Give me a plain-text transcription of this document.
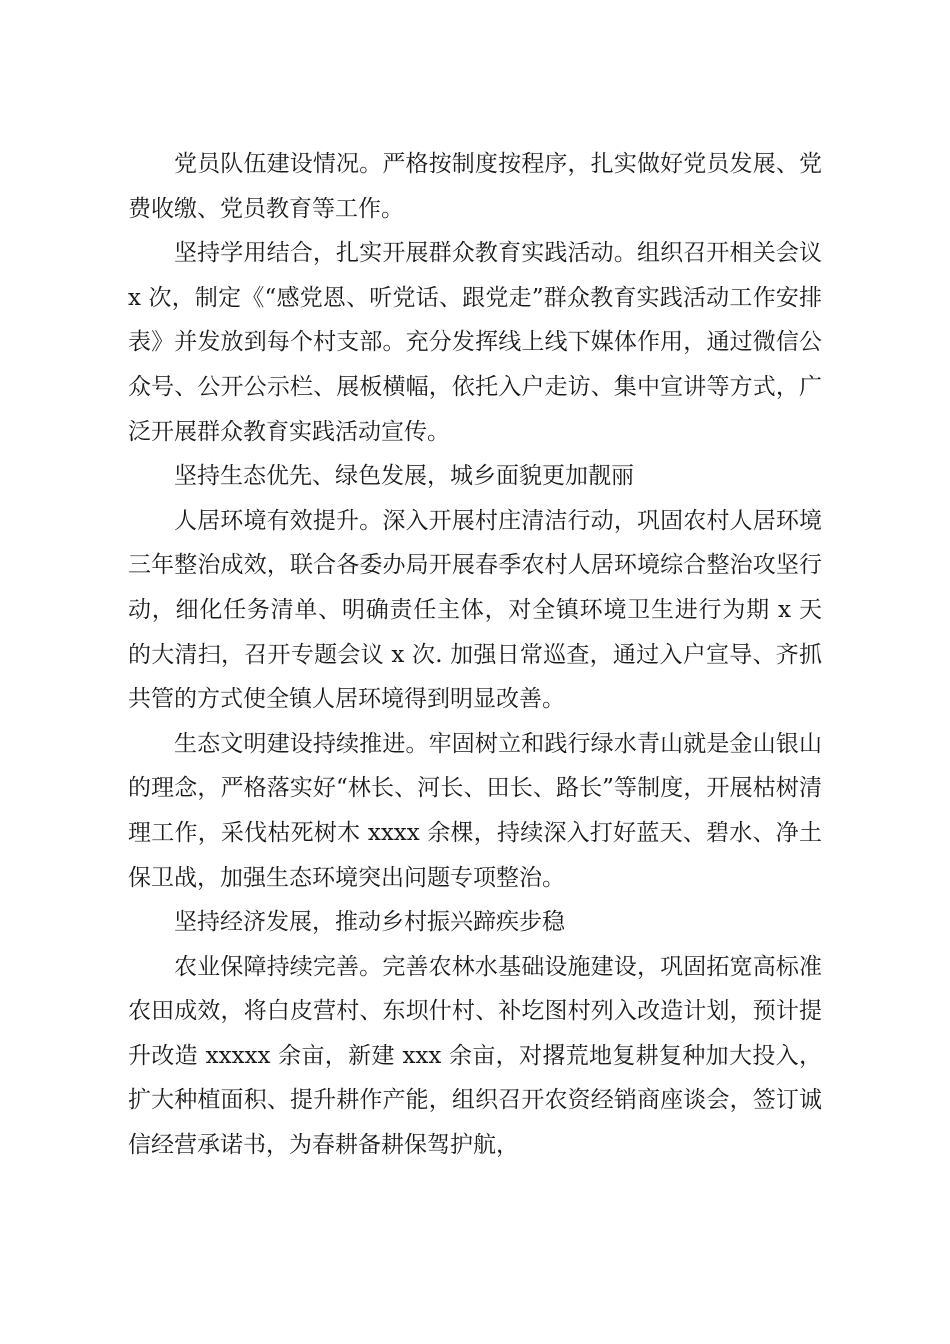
党员队伍建设情况。严格按制度按程序，扎实做好党员发展、党费收缴、党员教育等工作。

坚持学用结合，扎实开展群众教育实践活动。组织召开相关会议 x 次，制定《“感党恩、听党话、跟党走”群众教育实践活动工作安排表》并发放到每个村支部。充分发挥线上线下媒体作用，通过微信公众号、公开公示栏、展板横幅，依托入户走访、集中宣讲等方式，广泛开展群众教育实践活动宣传。

坚持生态优先、绿色发展，城乡面貌更加靓丽

人居环境有效提升。深入开展村庄清洁行动，巩固农村人居环境三年整治成效，联合各委办局开展春季农村人居环境综合整治攻坚行动，细化任务清单、明确责任主体，对全镇环境卫生进行为期 x 天的大清扫，召开专题会议 x 次. 加强日常巡查，通过入户宣导、齐抓共管的方式使全镇人居环境得到明显改善。

生态文明建设持续推进。牢固树立和践行绿水青山就是金山银山的理念，严格落实好“林长、河长、田长、路长”等制度，开展枯树清理工作，采伐枯死树木 xxxx 余棵，持续深入打好蓝天、碧水、净土保卫战，加强生态环境突出问题专项整治。

坚持经济发展，推动乡村振兴蹄疾步稳

农业保障持续完善。完善农林水基础设施建设，巩固拓宽高标准农田成效，将白皮营村、东坝什村、补圪图村列入改造计划，预计提升改造 xxxxx 余亩，新建 xxx 余亩，对撂荒地复耕复种加大投入，扩大种植面积、提升耕作产能，组织召开农资经销商座谈会，签订诚信经营承诺书，为春耕备耕保驾护航，
